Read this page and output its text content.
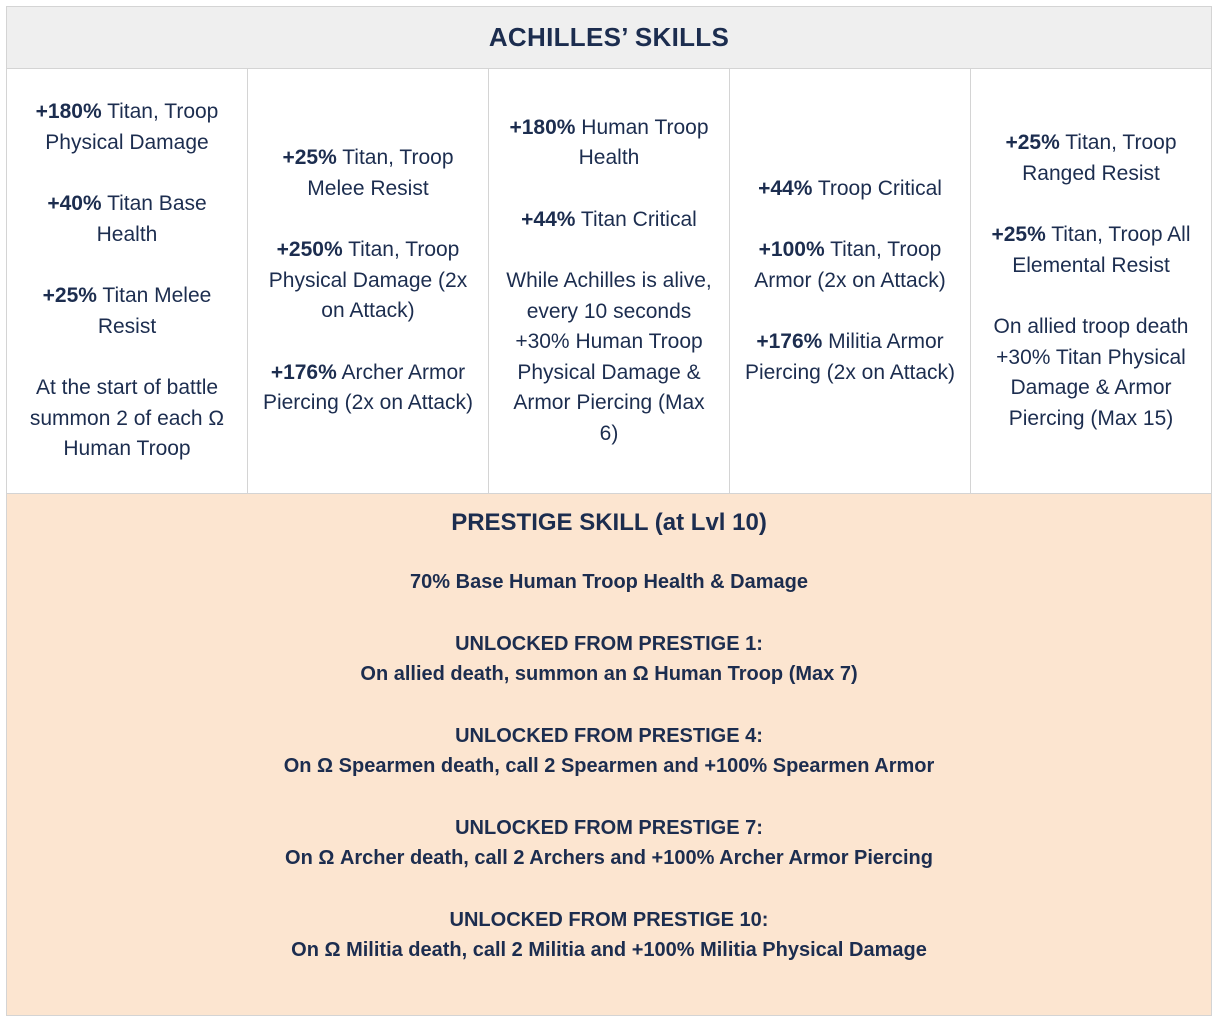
ACHILLES’ SKILLS

+180% Titan, Troop Physical Damage

+40% Titan Base Health

+25% Titan Melee Resist

At the start of battle summon 2 of each Ω Human Troop

+25% Titan, Troop Melee Resist

+250% Titan, Troop Physical Damage (2x on Attack)

+176% Archer Armor Piercing (2x on Attack)

+180% Human Troop Health

+44% Titan Critical

While Achilles is alive, every 10 seconds +30% Human Troop Physical Damage & Armor Piercing (Max 6)

+44% Troop Critical

+100% Titan, Troop Armor (2x on Attack)

+176% Militia Armor Piercing (2x on Attack)

+25% Titan, Troop Ranged Resist

+25% Titan, Troop All Elemental Resist

On allied troop death +30% Titan Physical Damage & Armor Piercing (Max 15)

PRESTIGE SKILL (at Lvl 10)

70% Base Human Troop Health & Damage

UNLOCKED FROM PRESTIGE 1:

On allied death, summon an Ω Human Troop (Max 7)

UNLOCKED FROM PRESTIGE 4:

On Ω Spearmen death, call 2 Spearmen and +100% Spearmen Armor

UNLOCKED FROM PRESTIGE 7:

On Ω Archer death, call 2 Archers and +100% Archer Armor Piercing

UNLOCKED FROM PRESTIGE 10:

On Ω Militia death, call 2 Militia and +100% Militia Physical Damage
